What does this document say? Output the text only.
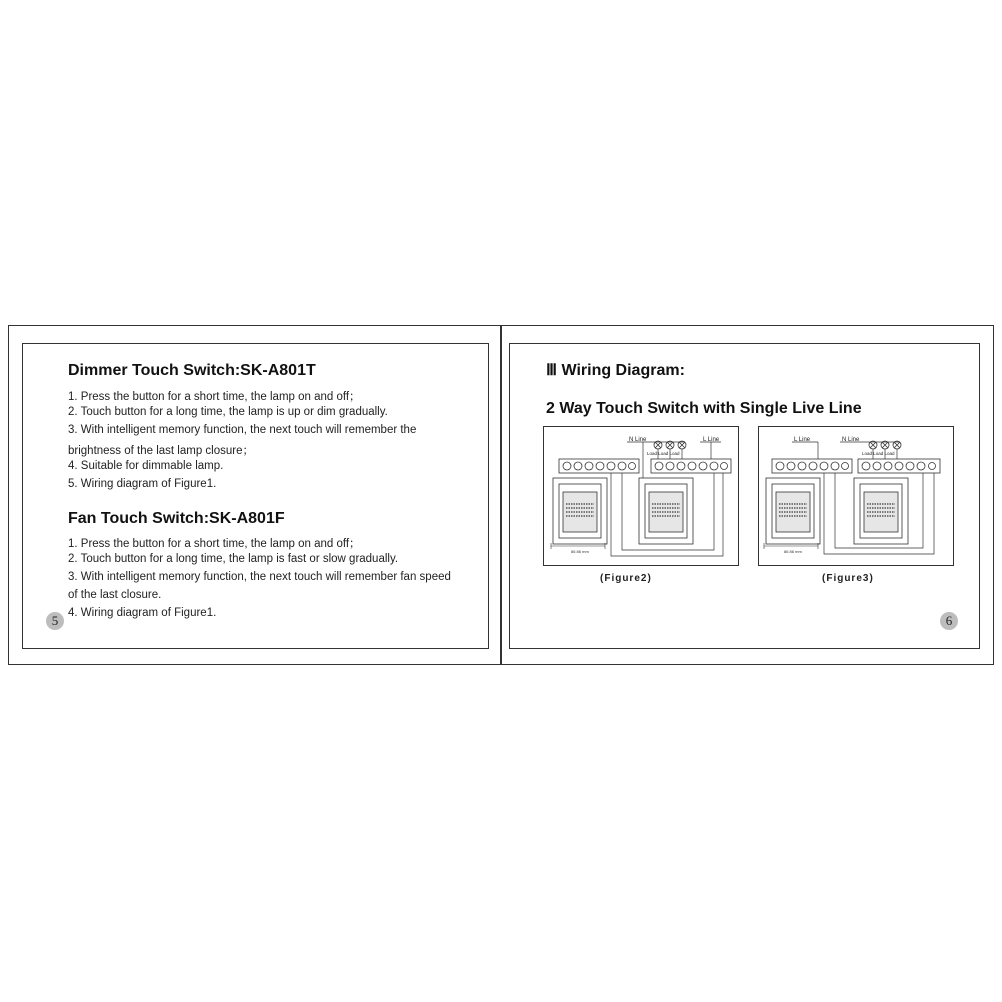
Dimmer Touch Switch:SK-A801T
1. Press the button for a short time, the lamp on and off；
2. Touch button for a long time, the lamp is up or dim gradually.
3. With intelligent memory function, the next touch will remember the
brightness of the last lamp closure；
4. Suitable for dimmable lamp.
5. Wiring diagram of Figure1.
Fan Touch Switch:SK-A801F
1. Press the button for a short time, the lamp on and off；
2. Touch button for a long time, the lamp is fast or slow gradually.
3. With intelligent memory function, the next touch will remember fan speed
of the last closure.
4. Wiring diagram of Figure1.
5
Ⅲ Wiring Diagram:
2 Way Touch Switch with Single Live Line
N Line	L Line
Load Load Load
86 86 mm
(Figure2)
L Line	N Line
Load Load Load
86 86 mm
(Figure3)
6
